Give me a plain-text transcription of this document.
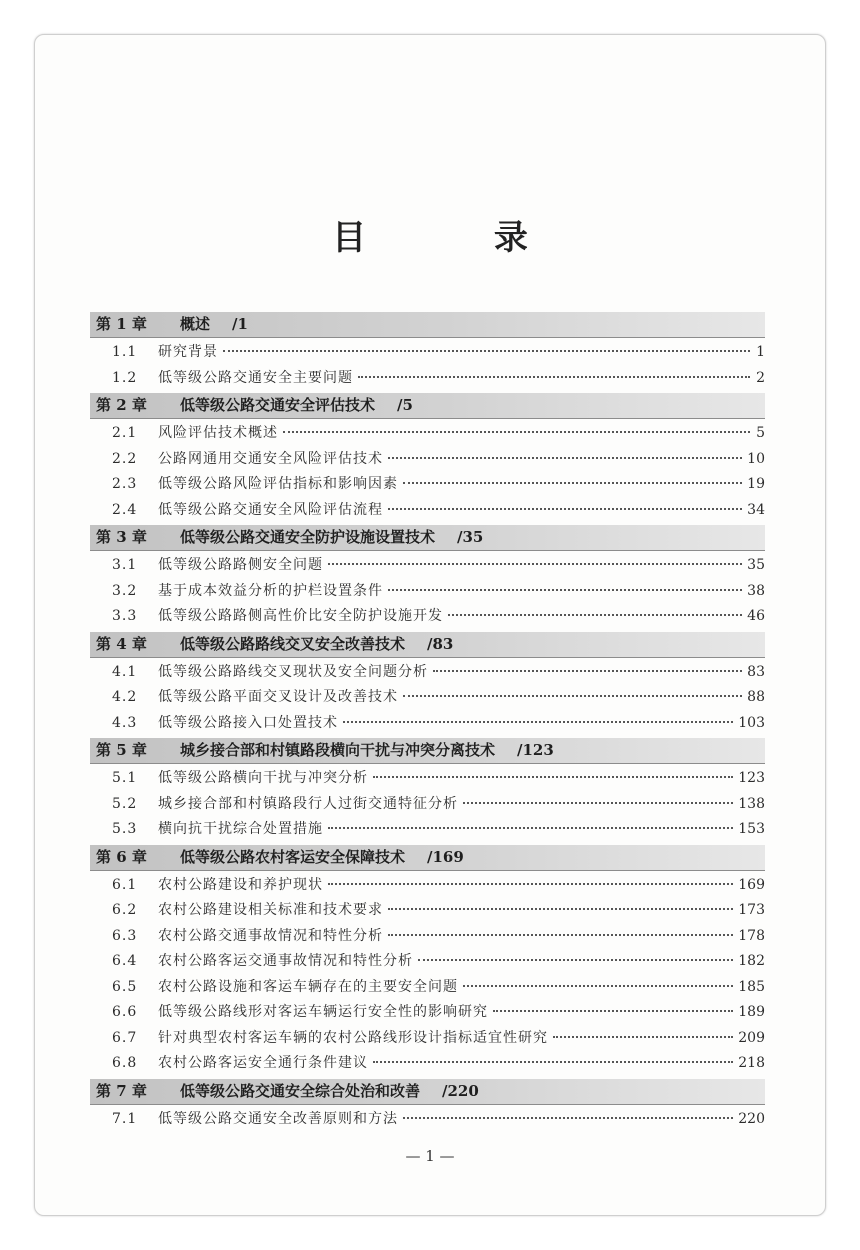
目 录
第 1 章 概述 /1
1.1	研究背景	1
1.2	低等级公路交通安全主要问题	2
第 2 章 低等级公路交通安全评估技术 /5
2.1	风险评估技术概述	5
2.2	公路网通用交通安全风险评估技术	10
2.3	低等级公路风险评估指标和影响因素	19
2.4	低等级公路交通安全风险评估流程	34
第 3 章 低等级公路交通安全防护设施设置技术 /35
3.1	低等级公路路侧安全问题	35
3.2	基于成本效益分析的护栏设置条件	38
3.3	低等级公路路侧高性价比安全防护设施开发	46
第 4 章 低等级公路路线交叉安全改善技术 /83
4.1	低等级公路路线交叉现状及安全问题分析	83
4.2	低等级公路平面交叉设计及改善技术	88
4.3	低等级公路接入口处置技术	103
第 5 章 城乡接合部和村镇路段横向干扰与冲突分离技术 /123
5.1	低等级公路横向干扰与冲突分析	123
5.2	城乡接合部和村镇路段行人过街交通特征分析	138
5.3	横向抗干扰综合处置措施	153
第 6 章 低等级公路农村客运安全保障技术 /169
6.1	农村公路建设和养护现状	169
6.2	农村公路建设相关标准和技术要求	173
6.3	农村公路交通事故情况和特性分析	178
6.4	农村公路客运交通事故情况和特性分析	182
6.5	农村公路设施和客运车辆存在的主要安全问题	185
6.6	低等级公路线形对客运车辆运行安全性的影响研究	189
6.7	针对典型农村客运车辆的农村公路线形设计指标适宜性研究	209
6.8	农村公路客运安全通行条件建议	218
第 7 章 低等级公路交通安全综合处治和改善 /220
7.1	低等级公路交通安全改善原则和方法	220
— 1 —
